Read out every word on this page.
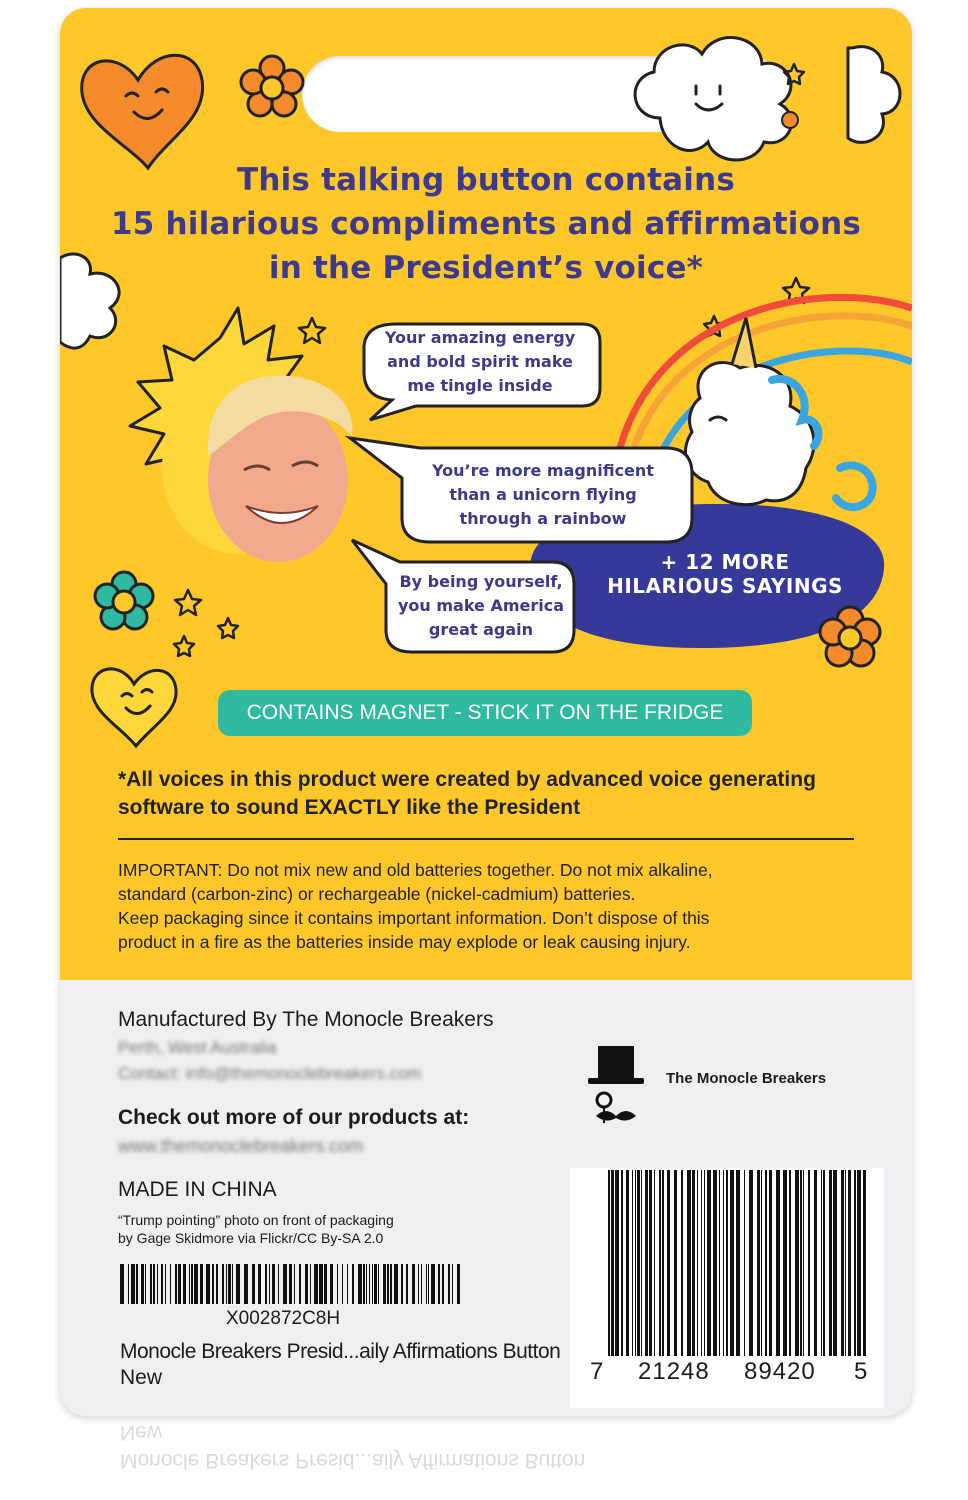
This talking button contains
15 hilarious compliments and affirmations
in the President’s voice*
Your amazing energy
and bold spirit make
me tingle inside
You’re more magnificent
than a unicorn flying
through a rainbow
By being yourself,
you make America
great again
+ 12 MORE
HILARIOUS SAYINGS
CONTAINS MAGNET - STICK IT ON THE FRIDGE
*All voices in this product were created by advanced voice generating
software to sound EXACTLY like the President
IMPORTANT: Do not mix new and old batteries together. Do not mix alkaline,
standard (carbon-zinc) or rechargeable (nickel-cadmium) batteries.
Keep packaging since it contains important information. Don’t dispose of this
product in a fire as the batteries inside may explode or leak causing injury.
Manufactured By The Monocle Breakers
Perth, West Australia
Contact: info@themonoclebreakers.com
Check out more of our products at:
www.themonoclebreakers.com
MADE IN CHINA
“Trump pointing” photo on front of packaging
by Gage Skidmore via Flickr/CC By-SA 2.0
The Monocle Breakers
X002872C8H
Monocle Breakers Presid...aily Affirmations Button
New	7 21248 89420 5
New
Monocle Breakers Presid...aily Affirmations Button
